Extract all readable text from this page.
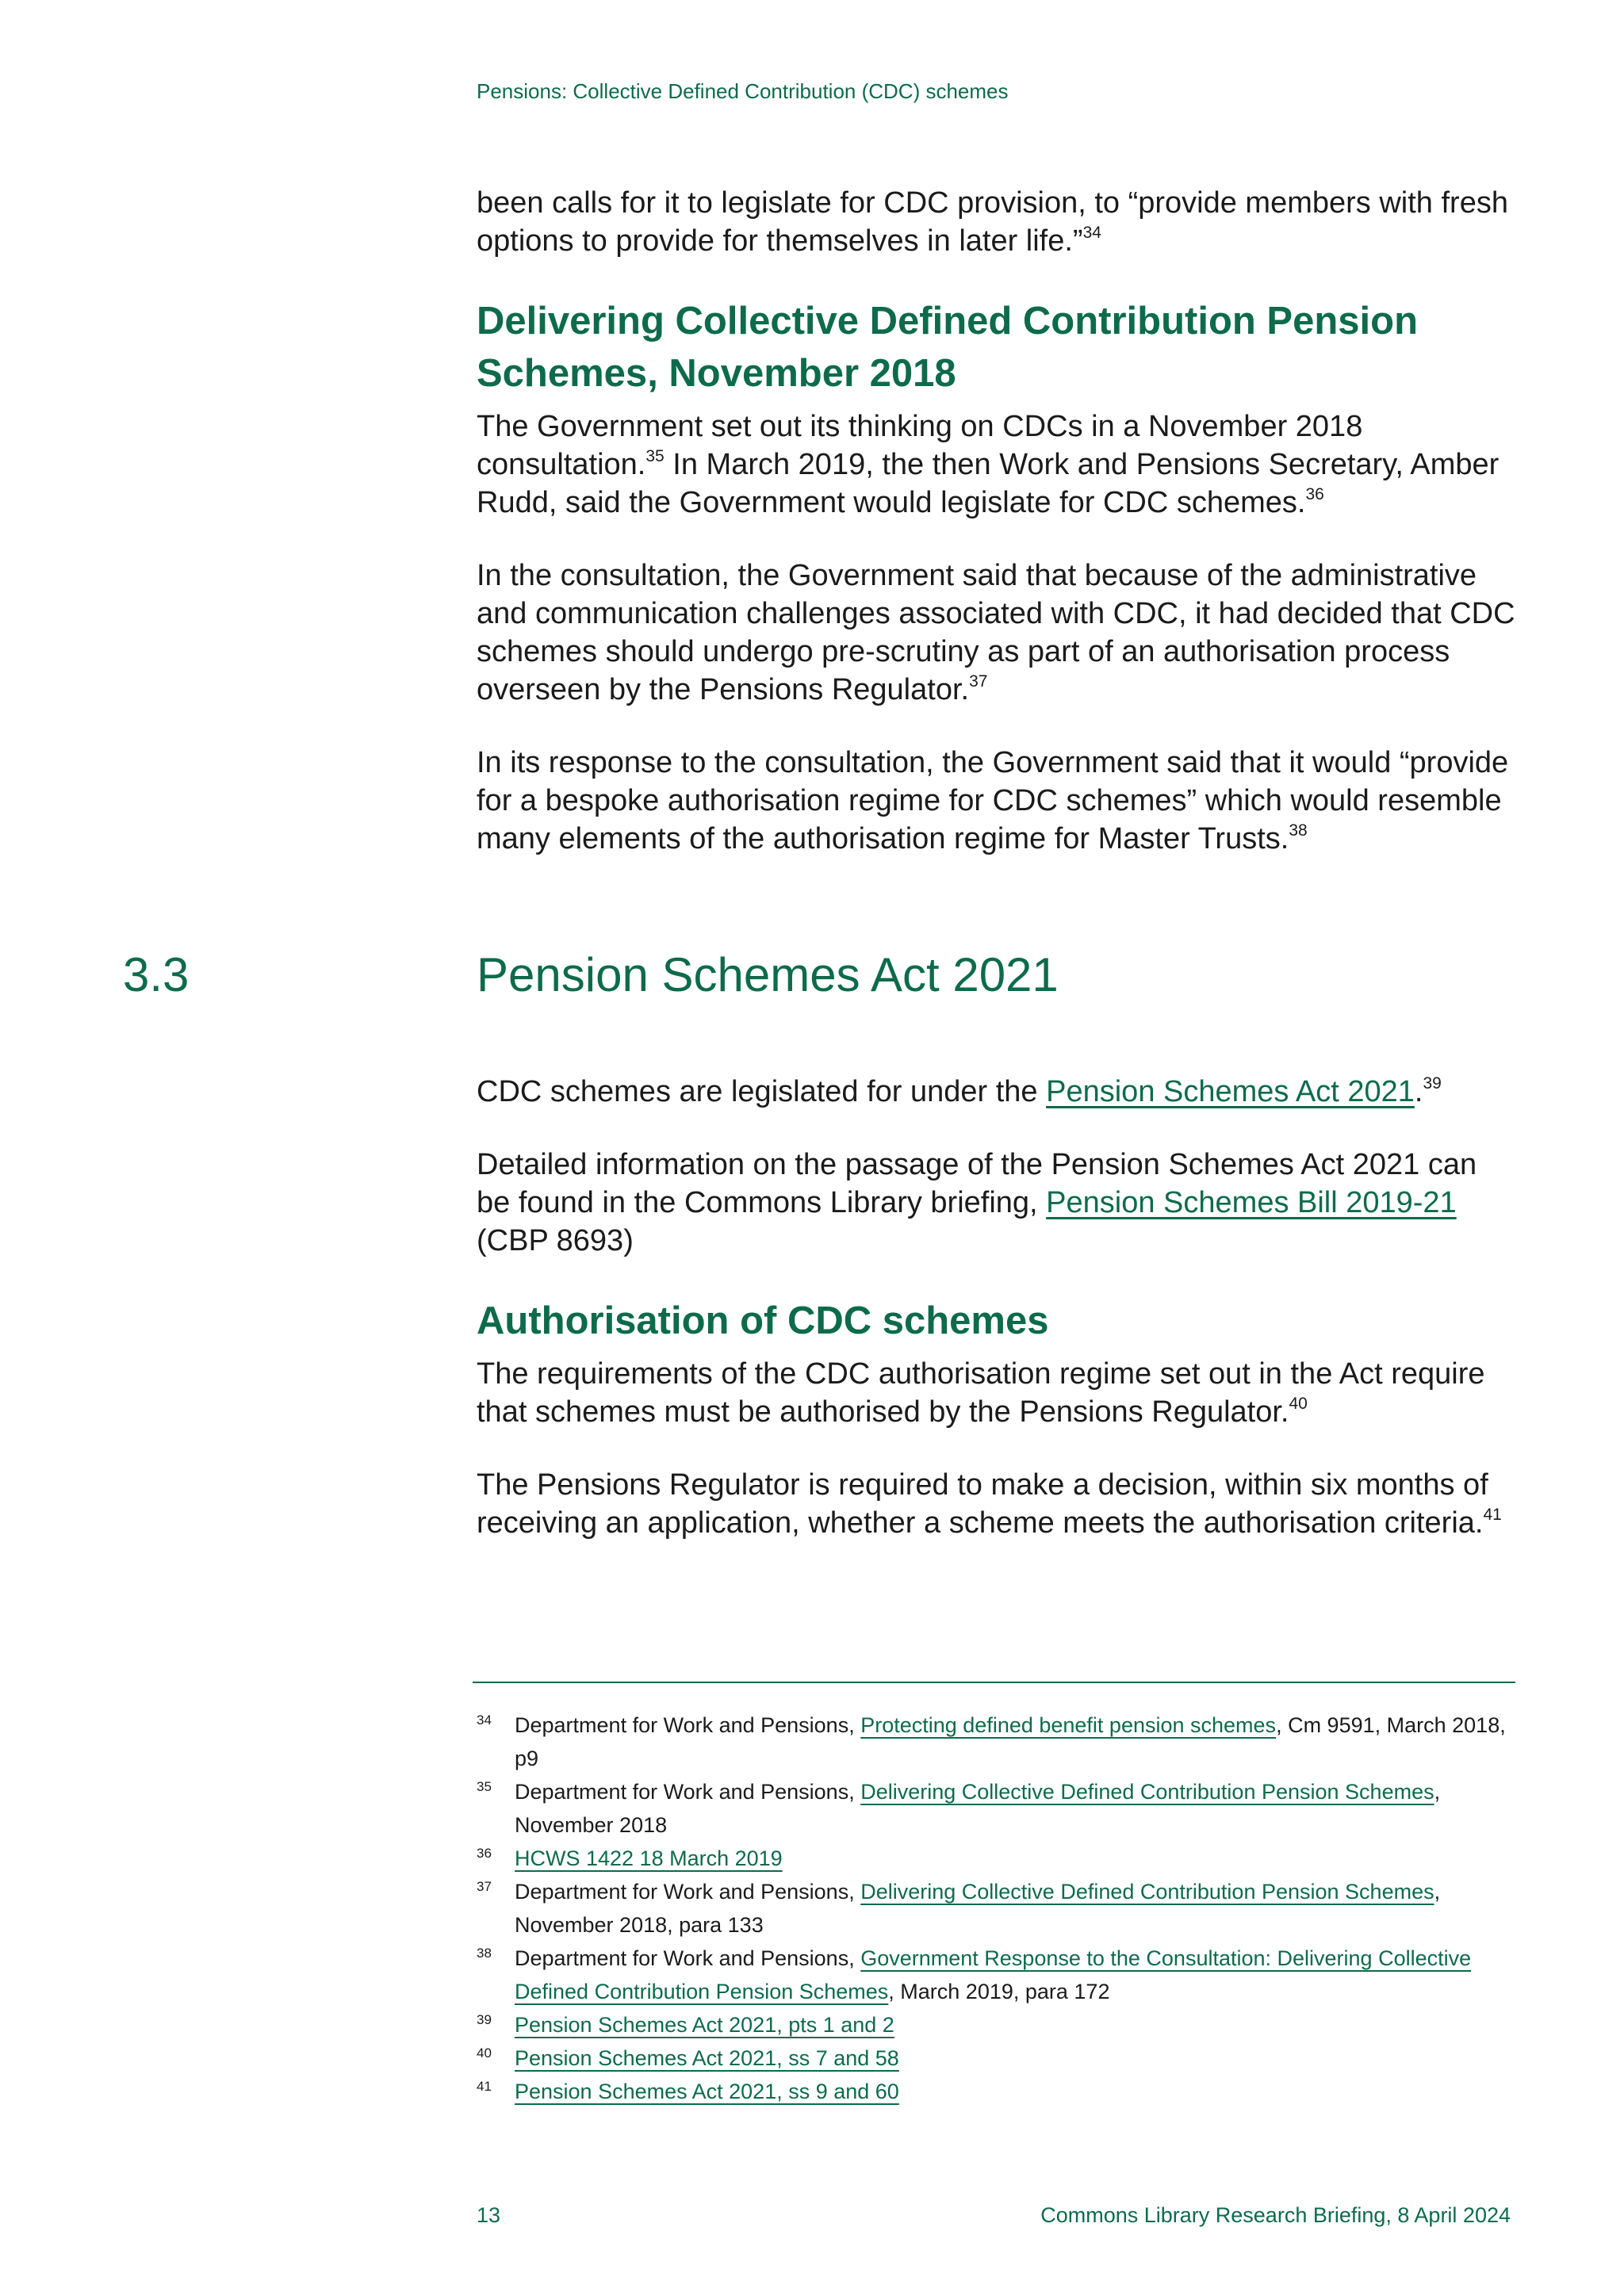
Pensions: Collective Defined Contribution (CDC) schemes

been calls for it to legislate for CDC provision, to “provide members with fresh options to provide for themselves in later life.”$^{34}$

Delivering Collective Defined Contribution Pension Schemes, November 2018

The Government set out its thinking on CDCs in a November 2018 consultation.$^{35}$ In March 2019, the then Work and Pensions Secretary, Amber Rudd, said the Government would legislate for CDC schemes.$^{36}$

In the consultation, the Government said that because of the administrative and communication challenges associated with CDC, it had decided that CDC schemes should undergo pre-scrutiny as part of an authorisation process overseen by the Pensions Regulator.$^{37}$

In its response to the consultation, the Government said that it would “provide for a bespoke authorisation regime for CDC schemes” which would resemble many elements of the authorisation regime for Master Trusts.$^{38}$

3.3	Pension Schemes Act 2021

CDC schemes are legislated for under the Pension Schemes Act 2021.39

Detailed information on the passage of the Pension Schemes Act 2021 can be found in the Commons Library briefing, Pension Schemes Bill 2019-21 (CBP 8693)

Authorisation of CDC schemes

The requirements of the CDC authorisation regime set out in the Act require that schemes must be authorised by the Pensions Regulator.$^{40}$

The Pensions Regulator is required to make a decision, within six months of receiving an application, whether a scheme meets the authorisation criteria.$^{41}$

34 Department for Work and Pensions, Protecting defined benefit pension schemes, Cm 9591, March 2018, p9
35 Department for Work and Pensions, Delivering Collective Defined Contribution Pension Schemes, November 2018
36 HCWS 1422 18 March 2019
37 Department for Work and Pensions, Delivering Collective Defined Contribution Pension Schemes, November 2018, para 133
38 Department for Work and Pensions, Government Response to the Consultation: Delivering Collective Defined Contribution Pension Schemes, March 2019, para 172
39 Pension Schemes Act 2021, pts 1 and 2
40 Pension Schemes Act 2021, ss 7 and 58
41 Pension Schemes Act 2021, ss 9 and 60
13	Commons Library Research Briefing, 8 April 2024
